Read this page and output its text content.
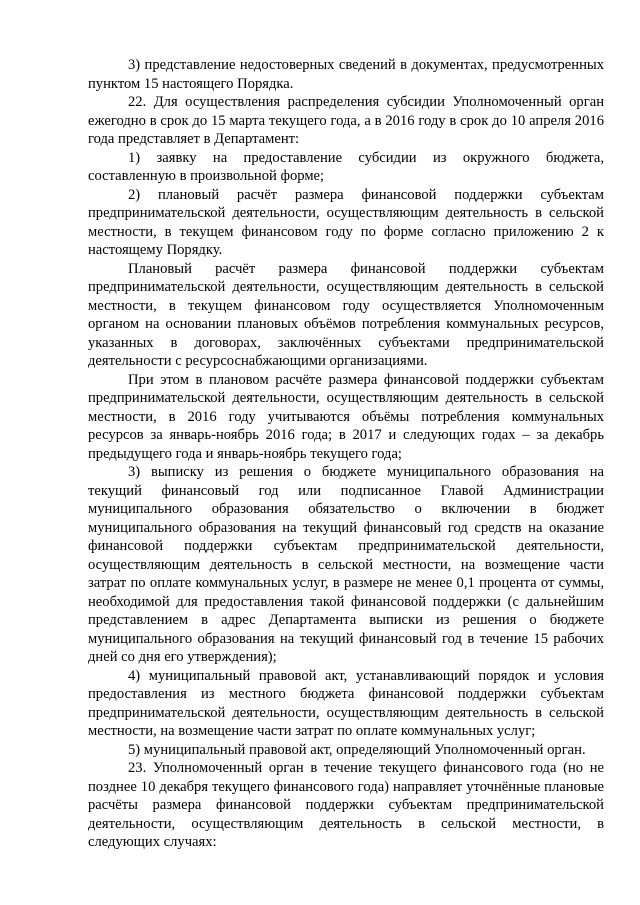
3) представление недостоверных сведений в документах, предусмотренных пунктом 15 настоящего Порядка.

22. Для осуществления распределения субсидии Уполномоченный орган ежегодно в срок до 15 марта текущего года, а в 2016 году в срок до 10 апреля 2016 года представляет в Департамент:

1) заявку на предоставление субсидии из окружного бюджета, составленную в произвольной форме;

2) плановый расчёт размера финансовой поддержки субъектам предпринимательской деятельности, осуществляющим деятельность в сельской местности, в текущем финансовом году по форме согласно приложению 2 к настоящему Порядку.

Плановый расчёт размера финансовой поддержки субъектам предпринимательской деятельности, осуществляющим деятельность в сельской местности, в текущем финансовом году осуществляется Уполномоченным органом на основании плановых объёмов потребления коммунальных ресурсов, указанных в договорах, заключённых субъектами предпринимательской деятельности с ресурсоснабжающими организациями.

При этом в плановом расчёте размера финансовой поддержки субъектам предпринимательской деятельности, осуществляющим деятельность в сельской местности, в 2016 году учитываются объёмы потребления коммунальных ресурсов за январь-ноябрь 2016 года; в 2017 и следующих годах – за декабрь предыдущего года и январь-ноябрь текущего года;

3) выписку из решения о бюджете муниципального образования на текущий финансовый год или подписанное Главой Администрации муниципального образования обязательство о включении в бюджет муниципального образования на текущий финансовый год средств на оказание финансовой поддержки субъектам предпринимательской деятельности, осуществляющим деятельность в сельской местности, на возмещение части затрат по оплате коммунальных услуг, в размере не менее 0,1 процента от суммы, необходимой для предоставления такой финансовой поддержки (с дальнейшим представлением в адрес Департамента выписки из решения о бюджете муниципального образования на текущий финансовый год в течение 15 рабочих дней со дня его утверждения);

4) муниципальный правовой акт, устанавливающий порядок и условия предоставления из местного бюджета финансовой поддержки субъектам предпринимательской деятельности, осуществляющим деятельность в сельской местности, на возмещение части затрат по оплате коммунальных услуг;

5) муниципальный правовой акт, определяющий Уполномоченный орган.

23. Уполномоченный орган в течение текущего финансового года (но не позднее 10 декабря текущего финансового года) направляет уточнённые плановые расчёты размера финансовой поддержки субъектам предпринимательской деятельности, осуществляющим деятельность в сельской местности, в следующих случаях:
